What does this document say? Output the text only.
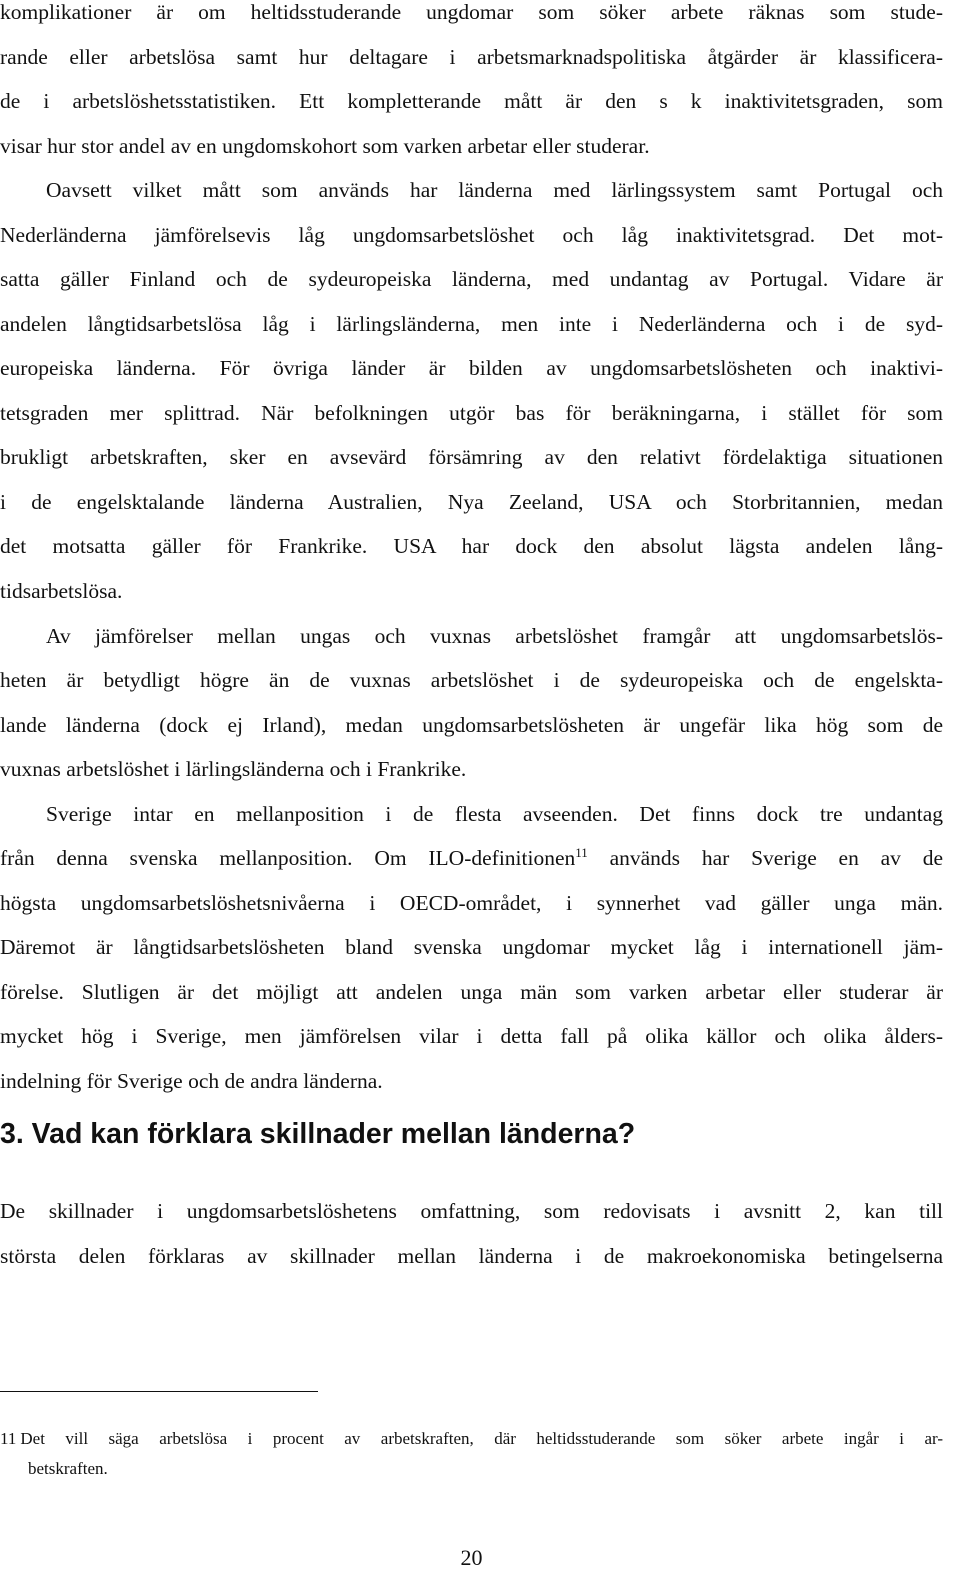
komplikationer är om heltidsstuderande ungdomar som söker arbete räknas som stude-
rande eller arbetslösa samt hur deltagare i arbetsmarknadspolitiska åtgärder är klassificera-
de i arbetslöshetsstatistiken. Ett kompletterande mått är den s k inaktivitetsgraden, som
visar hur stor andel av en ungdomskohort som varken arbetar eller studerar.
Oavsett vilket mått som används har länderna med lärlingssystem samt Portugal och
Nederländerna jämförelsevis låg ungdomsarbetslöshet och låg inaktivitetsgrad. Det mot-
satta gäller Finland och de sydeuropeiska länderna, med undantag av Portugal. Vidare är
andelen långtidsarbetslösa låg i lärlingsländerna, men inte i Nederländerna och i de syd-
europeiska länderna. För övriga länder är bilden av ungdomsarbetslösheten och inaktivi-
tetsgraden mer splittrad. När befolkningen utgör bas för beräkningarna, i stället för som
brukligt arbetskraften, sker en avsevärd försämring av den relativt fördelaktiga situationen
i de engelsktalande länderna Australien, Nya Zeeland, USA och Storbritannien, medan
det motsatta gäller för Frankrike. USA har dock den absolut lägsta andelen lång-
tidsarbetslösa.
Av jämförelser mellan ungas och vuxnas arbetslöshet framgår att ungdomsarbetslös-
heten är betydligt högre än de vuxnas arbetslöshet i de sydeuropeiska och de engelskta-
lande länderna (dock ej Irland), medan ungdomsarbetslösheten är ungefär lika hög som de
vuxnas arbetslöshet i lärlingsländerna och i Frankrike.
Sverige intar en mellanposition i de flesta avseenden. Det finns dock tre undantag
från denna svenska mellanposition. Om ILO-definitionen$^{11}$ används har Sverige en av de
högsta ungdomsarbetslöshetsnivåerna i OECD-området, i synnerhet vad gäller unga män.
Däremot är långtidsarbetslösheten bland svenska ungdomar mycket låg i internationell jäm-
förelse. Slutligen är det möjligt att andelen unga män som varken arbetar eller studerar är
mycket hög i Sverige, men jämförelsen vilar i detta fall på olika källor och olika ålders-
indelning för Sverige och de andra länderna.
3. Vad kan förklara skillnader mellan länderna?
De skillnader i ungdomsarbetslöshetens omfattning, som redovisats i avsnitt 2, kan till
största delen förklaras av skillnader mellan länderna i de makroekonomiska betingelserna
11 Det vill säga arbetslösa i procent av arbetskraften, där heltidsstuderande som söker arbete ingår i ar-
betskraften.
20
